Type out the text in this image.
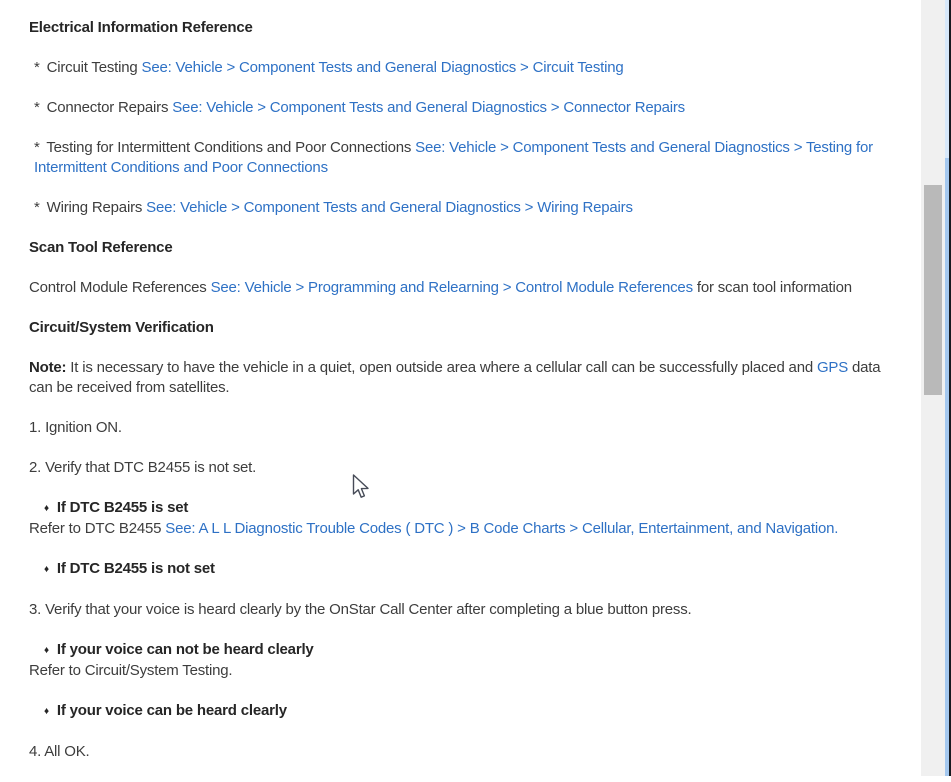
Electrical Information Reference

* Circuit Testing See: Vehicle > Component Tests and General Diagnostics > Circuit Testing

* Connector Repairs See: Vehicle > Component Tests and General Diagnostics > Connector Repairs

* Testing for Intermittent Conditions and Poor Connections See: Vehicle > Component Tests and General Diagnostics > Testing for Intermittent Conditions and Poor Connections

* Wiring Repairs See: Vehicle > Component Tests and General Diagnostics > Wiring Repairs

Scan Tool Reference

Control Module References See: Vehicle > Programming and Relearning > Control Module References for scan tool information

Circuit/System Verification

Note: It is necessary to have the vehicle in a quiet, open outside area where a cellular call can be successfully placed and GPS data can be received from satellites.

1. Ignition ON.

2. Verify that DTC B2455 is not set.

♦ If DTC B2455 is set
Refer to DTC B2455 See: A L L Diagnostic Trouble Codes ( DTC ) > B Code Charts > Cellular, Entertainment, and Navigation.

♦ If DTC B2455 is not set

3. Verify that your voice is heard clearly by the OnStar Call Center after completing a blue button press.

♦ If your voice can not be heard clearly
Refer to Circuit/System Testing.

♦ If your voice can be heard clearly

4. All OK.
